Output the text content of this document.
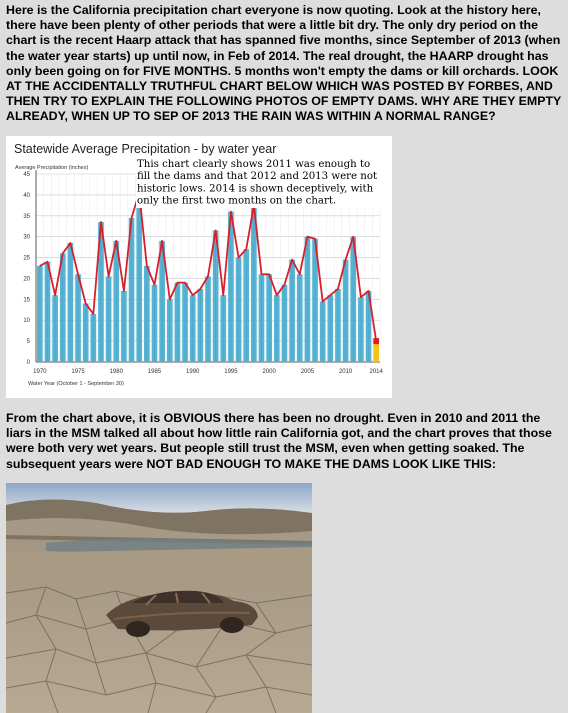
Here is the California precipitation chart everyone is now quoting. Look at the history here, there have been plenty of other periods that were a little bit dry. The only dry period on the chart is the recent Haarp attack that has spanned five months, since September of 2013 (when the water year starts) up until now, in Feb of 2014. The real drought, the HAARP drought has only been going on for FIVE MONTHS. 5 months won't empty the dams or kill orchards. LOOK AT THE ACCIDENTALLY TRUTHFUL CHART BELOW WHICH WAS POSTED BY FORBES, AND THEN TRY TO EXPLAIN THE FOLLOWING PHOTOS OF EMPTY DAMS. WHY ARE THEY EMPTY ALREADY, WHEN UP TO SEP OF 2013 THE RAIN WAS WITHIN A NORMAL RANGE?
Statewide Average Precipitation - by water year
Average Precipitation (inches)
Water Year (October 1 - September 30)
0
5
10
15
20
25
30
35
40
45
1970	1975	1980	1985	1990	1995	2000	2005	2010	2014
This chart clearly shows 2011 was enough to fill the dams and that 2012 and 2013 were not historic lows. 2014 is shown deceptively, with only the first two months on the chart.
From the chart above, it is OBVIOUS there has been no drought. Even in 2010 and 2011 the liars in the MSM talked all about how little rain California got, and the chart proves that those were both very wet years. But people still trust the MSM, even when getting soaked. The subsequent years were NOT BAD ENOUGH TO MAKE THE DAMS LOOK LIKE THIS:
